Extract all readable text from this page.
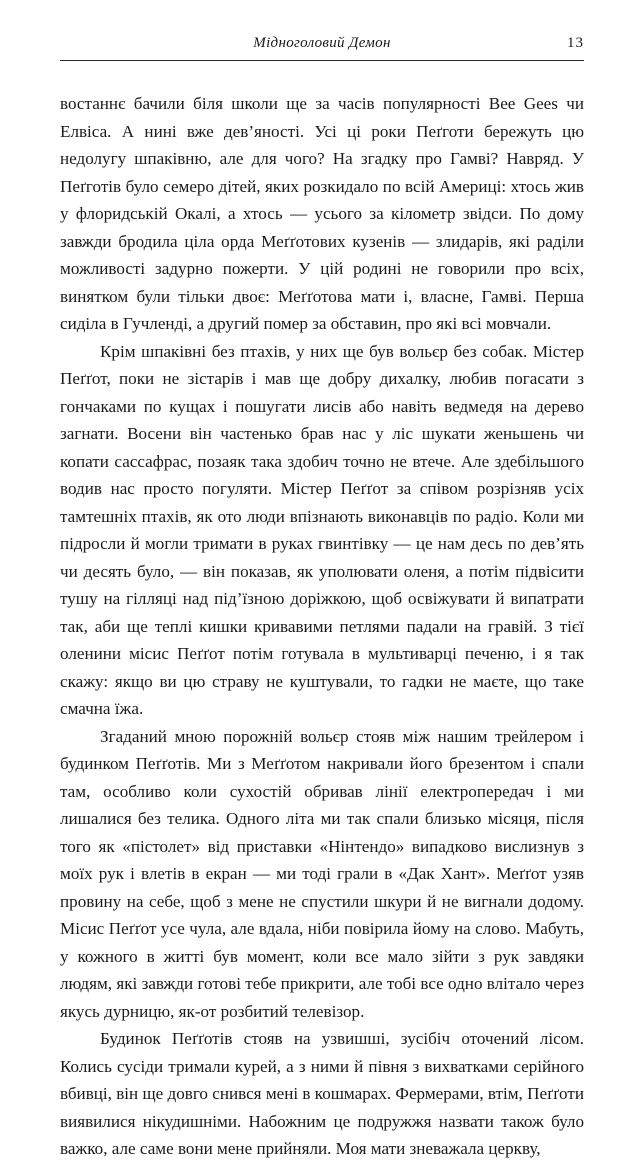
Мідноголовий Демон	13

востаннє бачили біля школи ще за часів популярності Bee Gees чи Елвіса. А нині вже дев’яності. Усі ці роки Пеґготи бережуть цю недолугу шпаківню, але для чого? На згадку про Гамві? Навряд. У Пеґготів було семеро дітей, яких розкидало по всій Америці: хтось жив у флоридській Окалі, а хтось — усього за кілометр звідси. По дому завжди бродила ціла орда Меґґотових кузенів — злидарів, які раділи можливості задурно пожерти. У цій родині не говорили про всіх, винятком були тільки двоє: Меґґотова мати і, власне, Гамві. Перша сиділа в Гучленді, а другий помер за обставин, про які всі мовчали.

Крім шпаківні без птахів, у них ще був вольєр без собак. Містер Пеґґот, поки не зістарів і мав ще добру дихалку, любив погасати з гончаками по кущах і пошугати лисів або навіть ведмедя на дерево загнати. Восени він частенько брав нас у ліс шукати женьшень чи копати сассафрас, позаяк така здобич точно не втече. Але здебільшого водив нас просто погуляти. Містер Пеґґот за співом розрізняв усіх тамтешніх птахів, як ото люди впізнають виконавців по радіо. Коли ми підросли й могли тримати в руках гвинтівку — це нам десь по дев’ять чи десять було, — він показав, як уполювати оленя, а потім підвісити тушу на гілляці над під’їзною доріжкою, щоб освіжувати й випатрати так, аби ще теплі кишки кривавими петлями падали на гравій. З тієї оленини місис Пеґґот потім готувала в мультиварці печеню, і я так скажу: якщо ви цю страву не куштували, то гадки не маєте, що таке смачна їжа.

Згаданий мною порожній вольєр стояв між нашим трейлером і будинком Пеґґотів. Ми з Меґґотом накривали його брезентом і спали там, особливо коли сухостій обривав лінії електропередач і ми лишалися без телика. Одного літа ми так спали близько місяця, після того як «пістолет» від приставки «Нінтендо» випадково вислизнув з моїх рук і влетів в екран — ми тоді грали в «Дак Хант». Меґґот узяв провину на себе, щоб з мене не спустили шкури й не вигнали додому. Місис Пеґґот усе чула, але вдала, ніби повірила йому на слово. Мабуть, у кожного в житті був момент, коли все мало зійти з рук завдяки людям, які завжди готові тебе прикрити, але тобі все одно влітало через якусь дурницю, як-от розбитий телевізор.

Будинок Пеґґотів стояв на узвишші, зусібіч оточений лісом. Колись сусіди тримали курей, а з ними й півня з вихватками серійного вбивці, він ще довго снився мені в кошмарах. Фермерами, втім, Пеґґоти виявилися нікудишніми. Набожним це подружжя назвати також було важко, але саме вони мене прийняли. Моя мати зневажала церкву,
